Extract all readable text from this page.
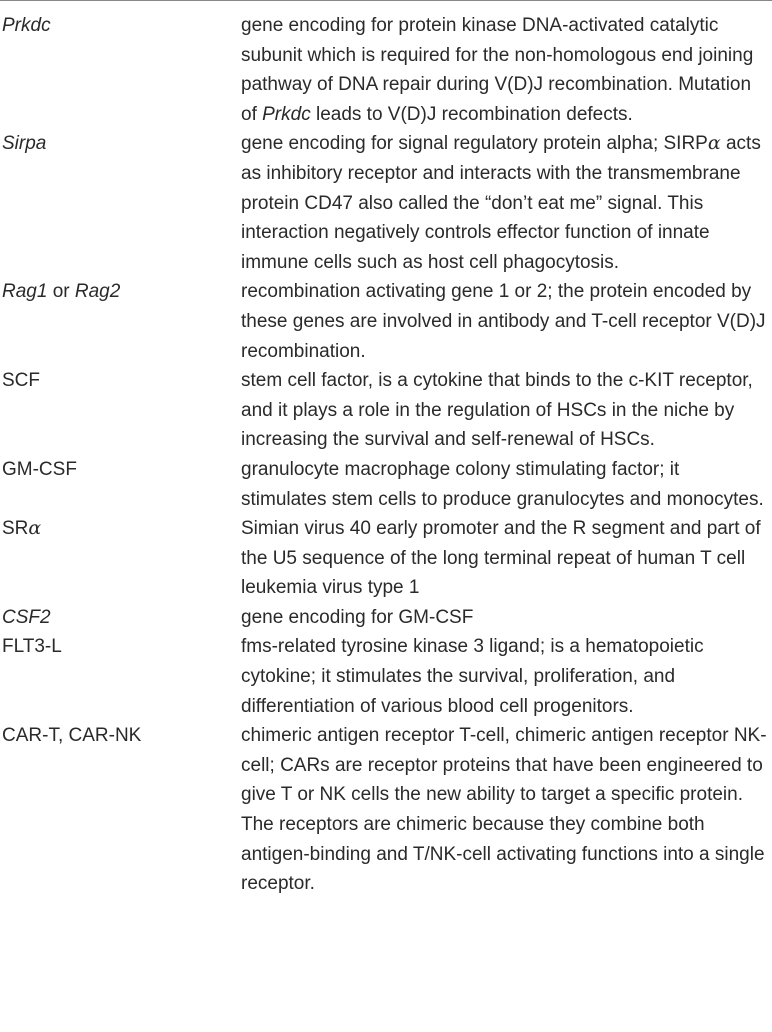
Prkdc	gene encoding for protein kinase DNA-activated catalytic subunit which is required for the non-homologous end joining pathway of DNA repair during V(D)J recombination. Mutation of Prkdc leads to V(D)J recombination defects.
Sirpa	gene encoding for signal regulatory protein alpha; SIRPα acts as inhibitory receptor and interacts with the transmembrane protein CD47 also called the “don’t eat me” signal. This interaction negatively controls effector function of innate immune cells such as host cell phagocytosis.
Rag1 or Rag2	recombination activating gene 1 or 2; the protein encoded by these genes are involved in antibody and T-cell receptor V(D)J recombination.
SCF	stem cell factor, is a cytokine that binds to the c-KIT receptor, and it plays a role in the regulation of HSCs in the niche by increasing the survival and self-renewal of HSCs.
GM-CSF	granulocyte macrophage colony stimulating factor; it stimulates stem cells to produce granulocytes and monocytes.
SRα	Simian virus 40 early promoter and the R segment and part of the U5 sequence of the long terminal repeat of human T cell leukemia virus type 1
CSF2	gene encoding for GM-CSF
FLT3-L	fms-related tyrosine kinase 3 ligand; is a hematopoietic cytokine; it stimulates the survival, proliferation, and differentiation of various blood cell progenitors.
CAR-T, CAR-NK	chimeric antigen receptor T-cell, chimeric antigen receptor NK-cell; CARs are receptor proteins that have been engineered to give T or NK cells the new ability to target a specific protein. The receptors are chimeric because they combine both antigen-binding and T/NK-cell activating functions into a single receptor.
